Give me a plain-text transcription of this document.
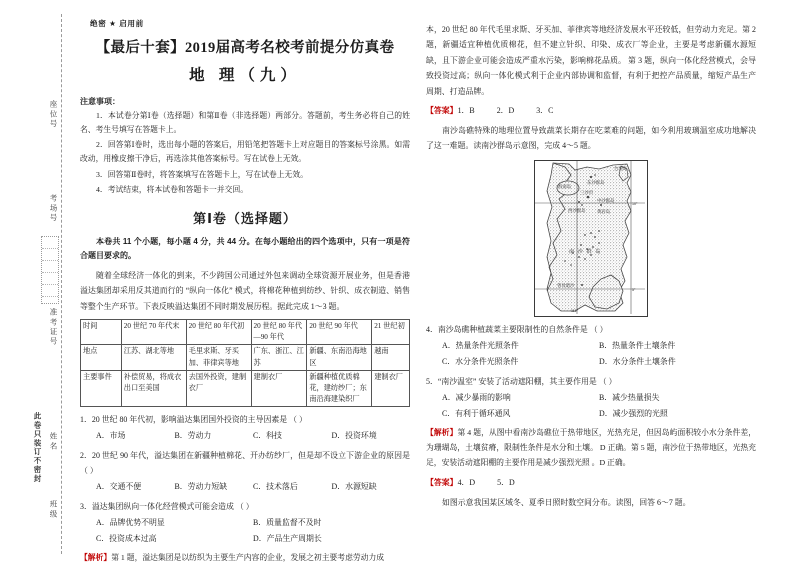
座位号
考场号
准考证号
此卷只装订不密封 姓名
班级
绝密 ★ 启用前
【最后十套】2019届高考名校考前提分仿真卷
地 理（九）
注意事项：
1．本试卷分第Ⅰ卷（选择题）和第Ⅱ卷（非选择题）两部分。答题前，考生务必将自己的姓名、考生号填写在答题卡上。
2．回答第Ⅰ卷时，选出每小题的答案后，用铅笔把答题卡上对应题目的答案标号涂黑。如需改动，用橡皮擦干净后，再选涂其他答案标号。写在试卷上无效。
3．回答第Ⅱ卷时，将答案填写在答题卡上，写在试卷上无效。
4．考试结束，将本试卷和答题卡一并交回。
第Ⅰ卷（选择题）
本卷共 11 个小题，每小题 4 分，共 44 分。在每小题给出的四个选项中，只有一项是符合题目要求的。
随着全球经济一体化的到来，不少跨国公司通过外包来调动全球资源开展业务，但是香港溢达集团却采用反其道而行的 “纵向一体化” 模式，将棉花种植到纺纱、针织、成衣制造、销售等整个生产环节。下表反映溢达集团不同时期发展历程。据此完成 1～3 题。
时间	20 世纪 70 年代末	20 世纪 80 年代初	20 世纪 80 年代—90 年代	20 世纪 90 年代	21 世纪初
地点	江苏、湖北等地	毛里求斯、牙买加、菲律宾等地	广东、浙江、江苏	新疆、东南沿海地区	越南
主要事件	补偿贸易，将成衣出口至美国	去国外投资，建制衣厂	建制衣厂	新疆种植优质棉花，建纺纱厂；东南沿海建染织厂	建制衣厂
1．20 世纪 80 年代初，影响溢达集团国外投资的主导因素是 （ ）
A．市场	B．劳动力	C．科技	D．投资环境
2．20 世纪 90 年代，溢达集团在新疆种植棉花、开办纺纱厂，但是却不设立下游企业的原因是（ ）
A．交通不便	B．劳动力短缺	C．技术落后	D．水源短缺
3．溢达集团纵向一体化经营模式可能会造成 （ ）
A．品牌优势不明显	B．质量监督不及时
C．投资成本过高	D．产品生产周期长
【解析】第 1 题，溢达集团是以纺织为主要生产内容的企业，发展之初主要考虑劳动力成
本，20 世纪 80 年代毛里求斯、牙买加、菲律宾等地经济发展水平还较低，但劳动力充足。第 2 题，新疆适宜种植优质棉花，但不建立针织、印染、成衣厂等企业，主要是考虑新疆水源短缺，且下游企业可能会造成严重水污染，影响棉花品质。 第 3 题，纵向一体化经营模式，会导致投资过高；纵向一体化模式利于企业内部协调和监督，有利于把控产品质量，缩短产品生产周期、打造品牌。
【答案】1．B	2．D	3．C
南沙岛礁特殊的地理位置导致蔬菜长期存在吃菜难的问题，如今利用玻璃温室成功地解决了这一难题。读南沙群岛示意图，完成 4～5 题。
台湾岛
东沙群岛
海南岛
三沙市
中沙群岛
西沙群岛	黄岩岛
南 沙 群 岛
曾母暗沙
10°
5°
112°
4．南沙岛礁种植蔬菜主要限制性的自然条件是 （ ）
A．热量条件光照条件	B．热量条件土壤条件
C．水分条件光照条件	D．水分条件土壤条件
5．“南沙温室” 安装了活动遮阳棚，其主要作用是 （ ）
A．减少暴雨的影响	B．减少热量损失
C．有利于循环通风	D．减少强烈的光照
【解析】第 4 题，从图中看南沙岛礁位于热带地区，光热充足，但因岛屿面积较小水分条件差，为珊瑚岛，土壤贫瘠，限制性条件是水分和土壤。 D 正确。第 5 题，南沙位于热带地区，光热充足，安装活动遮阳棚的主要作用是减少强烈光照 。D 正确。
【答案】4．D	5．D
如图示意我国某区域冬、夏季日照时数空间分布。读图，回答 6～7 题。
